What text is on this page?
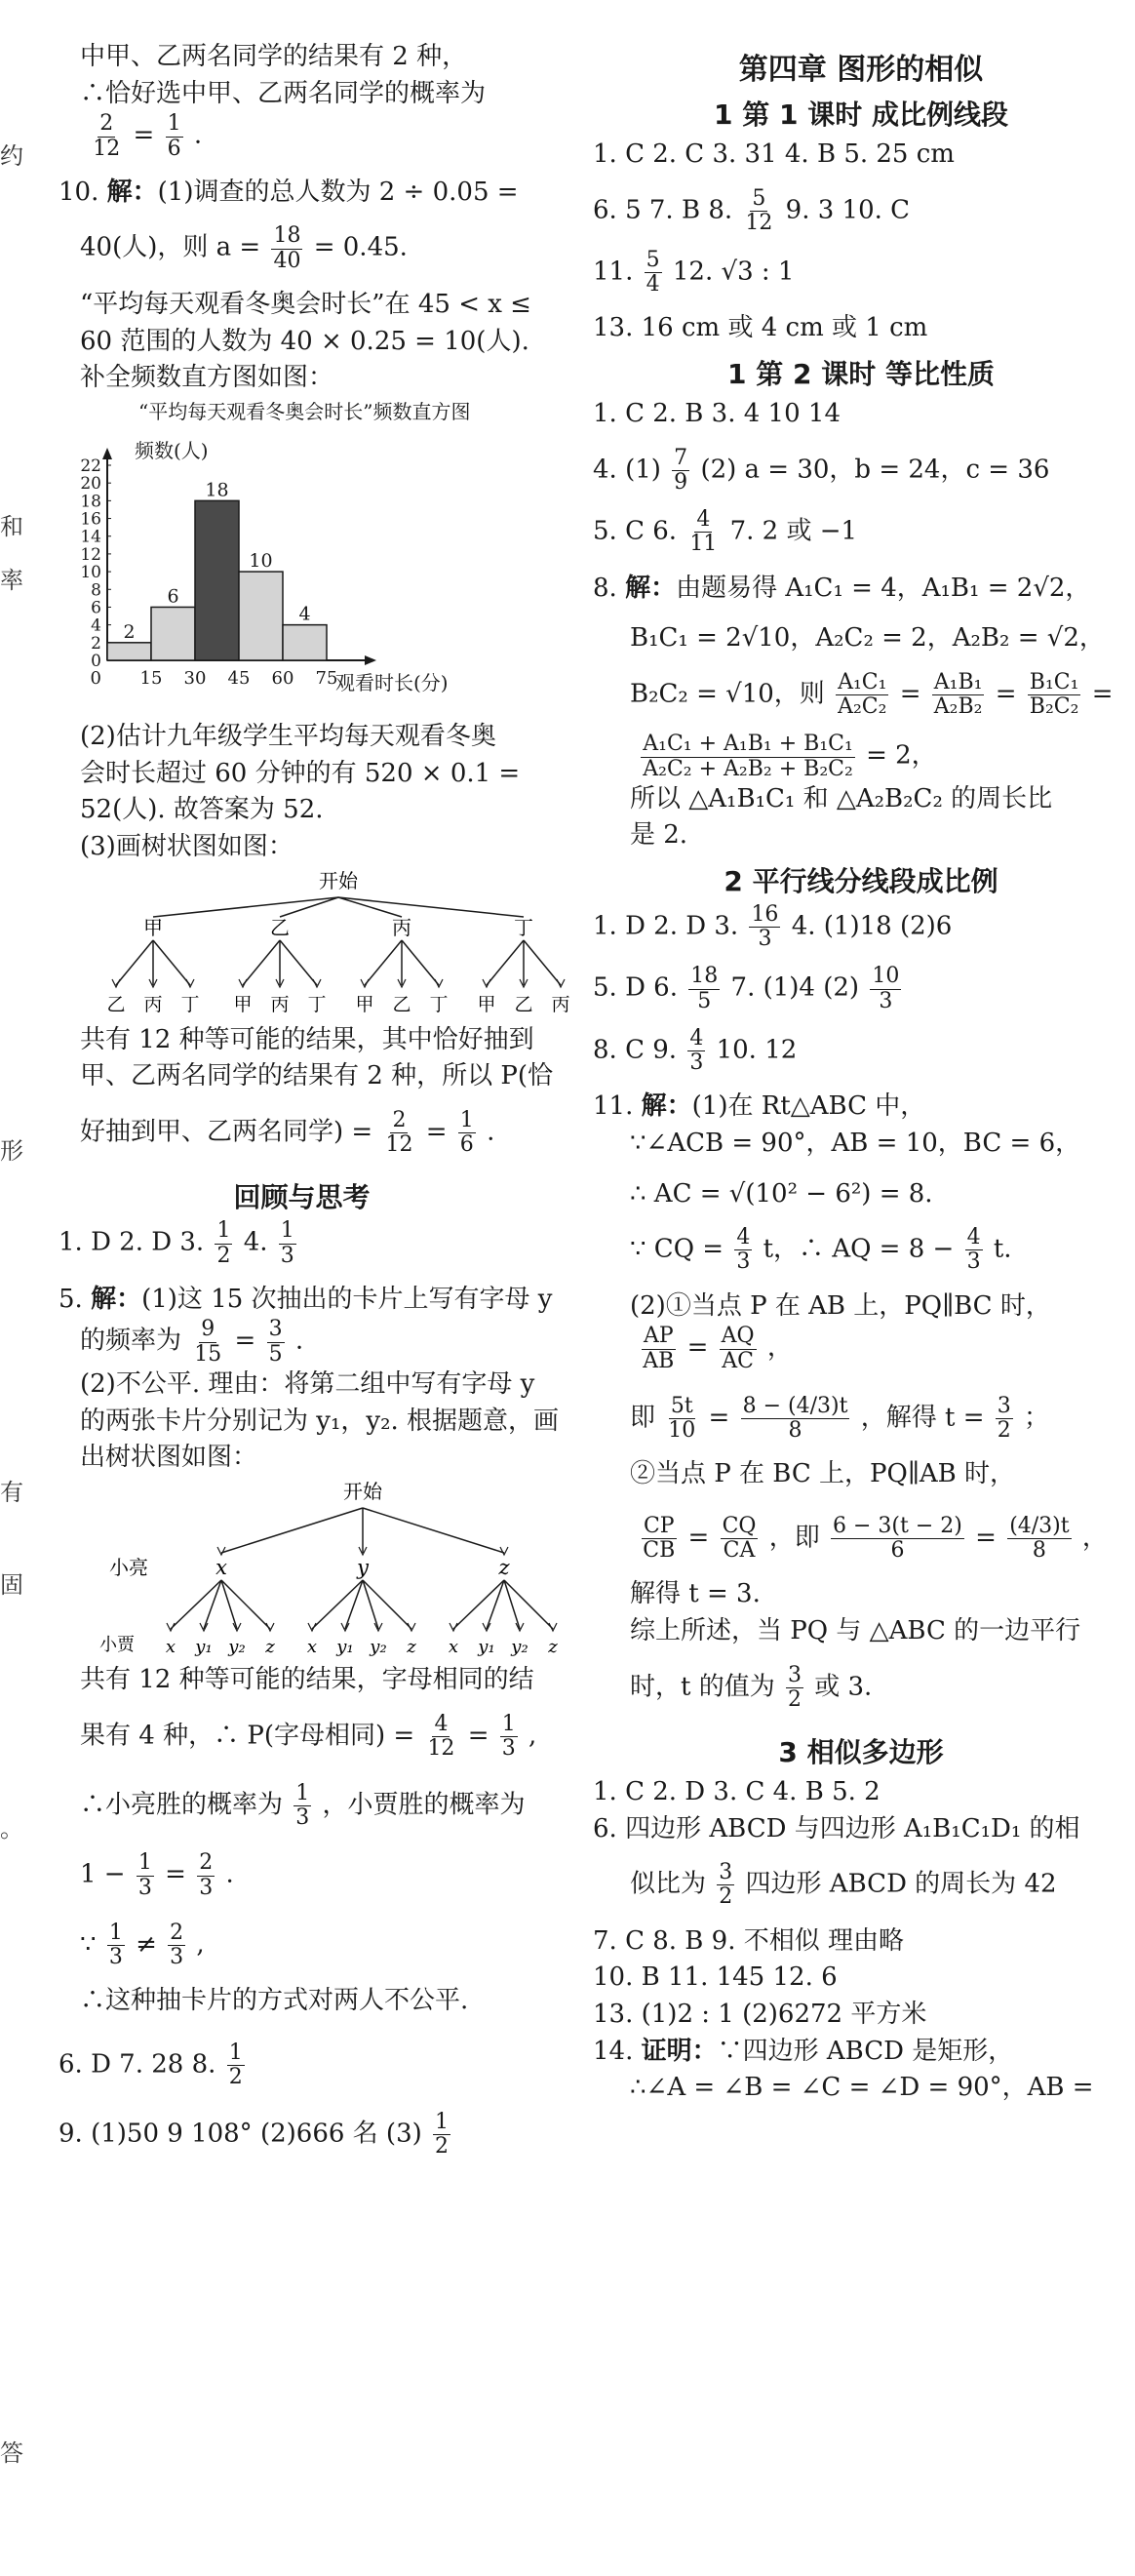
约
和
率
形
有
固
。
答
中甲、乙两名同学的结果有 2 种，
∴恰好选中甲、乙两名同学的概率为

$\frac{2}{12} = \frac{1}{6}$ .
10. 解：(1)调查的总人数为 2 ÷ 0.05 =
40(人)，则 $a = \frac{18}{40} = 0.45$.
“平均每天观看冬奥会时长”在 45 < x ≤
60 范围的人数为 40 × 0.25 = 10(人).
补全频数直方图如图：
“平均每天观看冬奥会时长”频数直方图
频数(人)
观看时长(分)
0
2
4
6
8
10
12
14
16
18
20
22
2
6
18
10
4
15 30 45 60 75
0
(2)估计九年级学生平均每天观看冬奥
会时长超过 60 分钟的有 520 × 0.1 =
52(人). 故答案为 52.
(3)画树状图如图：
开始
甲
乙 丙 丁
乙
甲 丙 丁
丙
甲 乙 丁
丁
甲 乙 丙
共有 12 种等可能的结果，其中恰好抽到
甲、乙两名同学的结果有 2 种，所以 P(恰
好抽到甲、乙两名同学) = $\frac{2}{12} = \frac{1}{6}$ .
回顾与思考
1. D 2. D 3. $\frac{1}{2} 4$. $\frac{1}{3}$
5. 解：(1)这 15 次抽出的卡片上写有字母 y
的频率为 $\frac{9}{15} = \frac{3}{5}$ .
(2)不公平. 理由：将第二组中写有字母 y
的两张卡片分别记为 y₁，y₂. 根据题意，画
出树状图如图：
开始
小亮
小贾
x
x y₁ y₂ z
y
x y₁ y₂ z
z
x y₁ y₂ z
共有 12 种等可能的结果，字母相同的结
果有 4 种，∴ P(字母相同) = $\frac{4}{12} = \frac{1}{3}$ ,
∴小亮胜的概率为 $\frac{1}{3}$ ，小贾胜的概率为
$1 - \frac{1}{3} = \frac{2}{3}$ .
∵ $\frac{1}{3} \ne \frac{2}{3}$ ,
∴这种抽卡片的方式对两人不公平.
6. D 7. 28 8. $\frac{1}{2}$
9. (1)50 9 108° (2)666 名 $(3) \frac{1}{2}$
第四章 图形的相似
1 第 1 课时 成比例线段
1. C 2. C 3. 31 4. B 5. 25 cm
6. 5 7. B 8. $\frac{5}{12} 9$. 3 10. C
11. $\frac{5}{4} 12$. √3 : 1
13. 16 cm 或 4 cm 或 1 cm
1 第 2 课时 等比性质
1. C 2. B 3. 4 10 14
4. $(1) \frac{7}{9} (2) a = 30$，b = 24，c = 36
5. C 6. $\frac{4}{11} 7$. 2 或 −1
8. 解：由题易得 A₁C₁ = 4，A₁B₁ = 2√2，
B₁C₁ = 2√10，A₂C₂ = 2，A₂B₂ = √2，
B₂C₂ = √10，则 $\frac{\text{A₁C₁}}{\text{A₂C₂}} = \frac{\text{A₁B₁}}{\text{A₂B₂}} = \frac{\text{B₁C₁}}{\text{B₂C₂}}$ =

$\frac{\text{A₁C₁ + A₁B₁ + B₁C₁}}{\text{A₂C₂ + A₂B₂ + B₂C₂}} = 2$，
所以 △A₁B₁C₁ 和 △A₂B₂C₂ 的周长比
是 2.
2 平行线分线段成比例
1. D 2. D 3. $\frac{16}{3} 4$. (1)18 (2)6
5. D 6. $\frac{18}{5} 7$. (1)4 $(2) \frac{10}{3}$
8. C 9. $\frac{4}{3} 10$. 12
11. 解：(1)在 Rt△ABC 中，
∵∠ACB = 90°，AB = 10，BC = 6，
∴ AC = √(10² − 6²) = 8.
∵ CQ = $\frac{4}{3}$ t，∴ AQ = $8 - \frac{4}{3} t$.
(2)①当点 P 在 AB 上，PQ∥BC 时，

$\frac{AP}{AB} = \frac{AQ}{AC}$ ，
即 $\frac{5t}{10} = \frac{8 - (4/3)t}{8}$ ，解得 $t = \frac{3}{2}$ ；
②当点 P 在 BC 上，PQ∥AB 时，

$\frac{CP}{CB} = \frac{CQ}{CA}$ ，即 $\frac{6 - 3(t - 2)}{6} = \frac{(4/3)t}{8}$ ，
解得 t = 3.
综上所述，当 PQ 与 △ABC 的一边平行
时，t 的值为 $\frac{3}{2}$ 或 3.
3 相似多边形
1. C 2. D 3. C 4. B 5. 2
6. 四边形 ABCD 与四边形 A₁B₁C₁D₁ 的相
似比为 $\frac{3}{2}$ 四边形 ABCD 的周长为 42
7. C 8. B 9. 不相似 理由略
10. B 11. 145 12. 6
13. (1)2 : 1 (2)6272 平方米
14. 证明：∵四边形 ABCD 是矩形，
∴∠A = ∠B = ∠C = ∠D = 90°，AB =
